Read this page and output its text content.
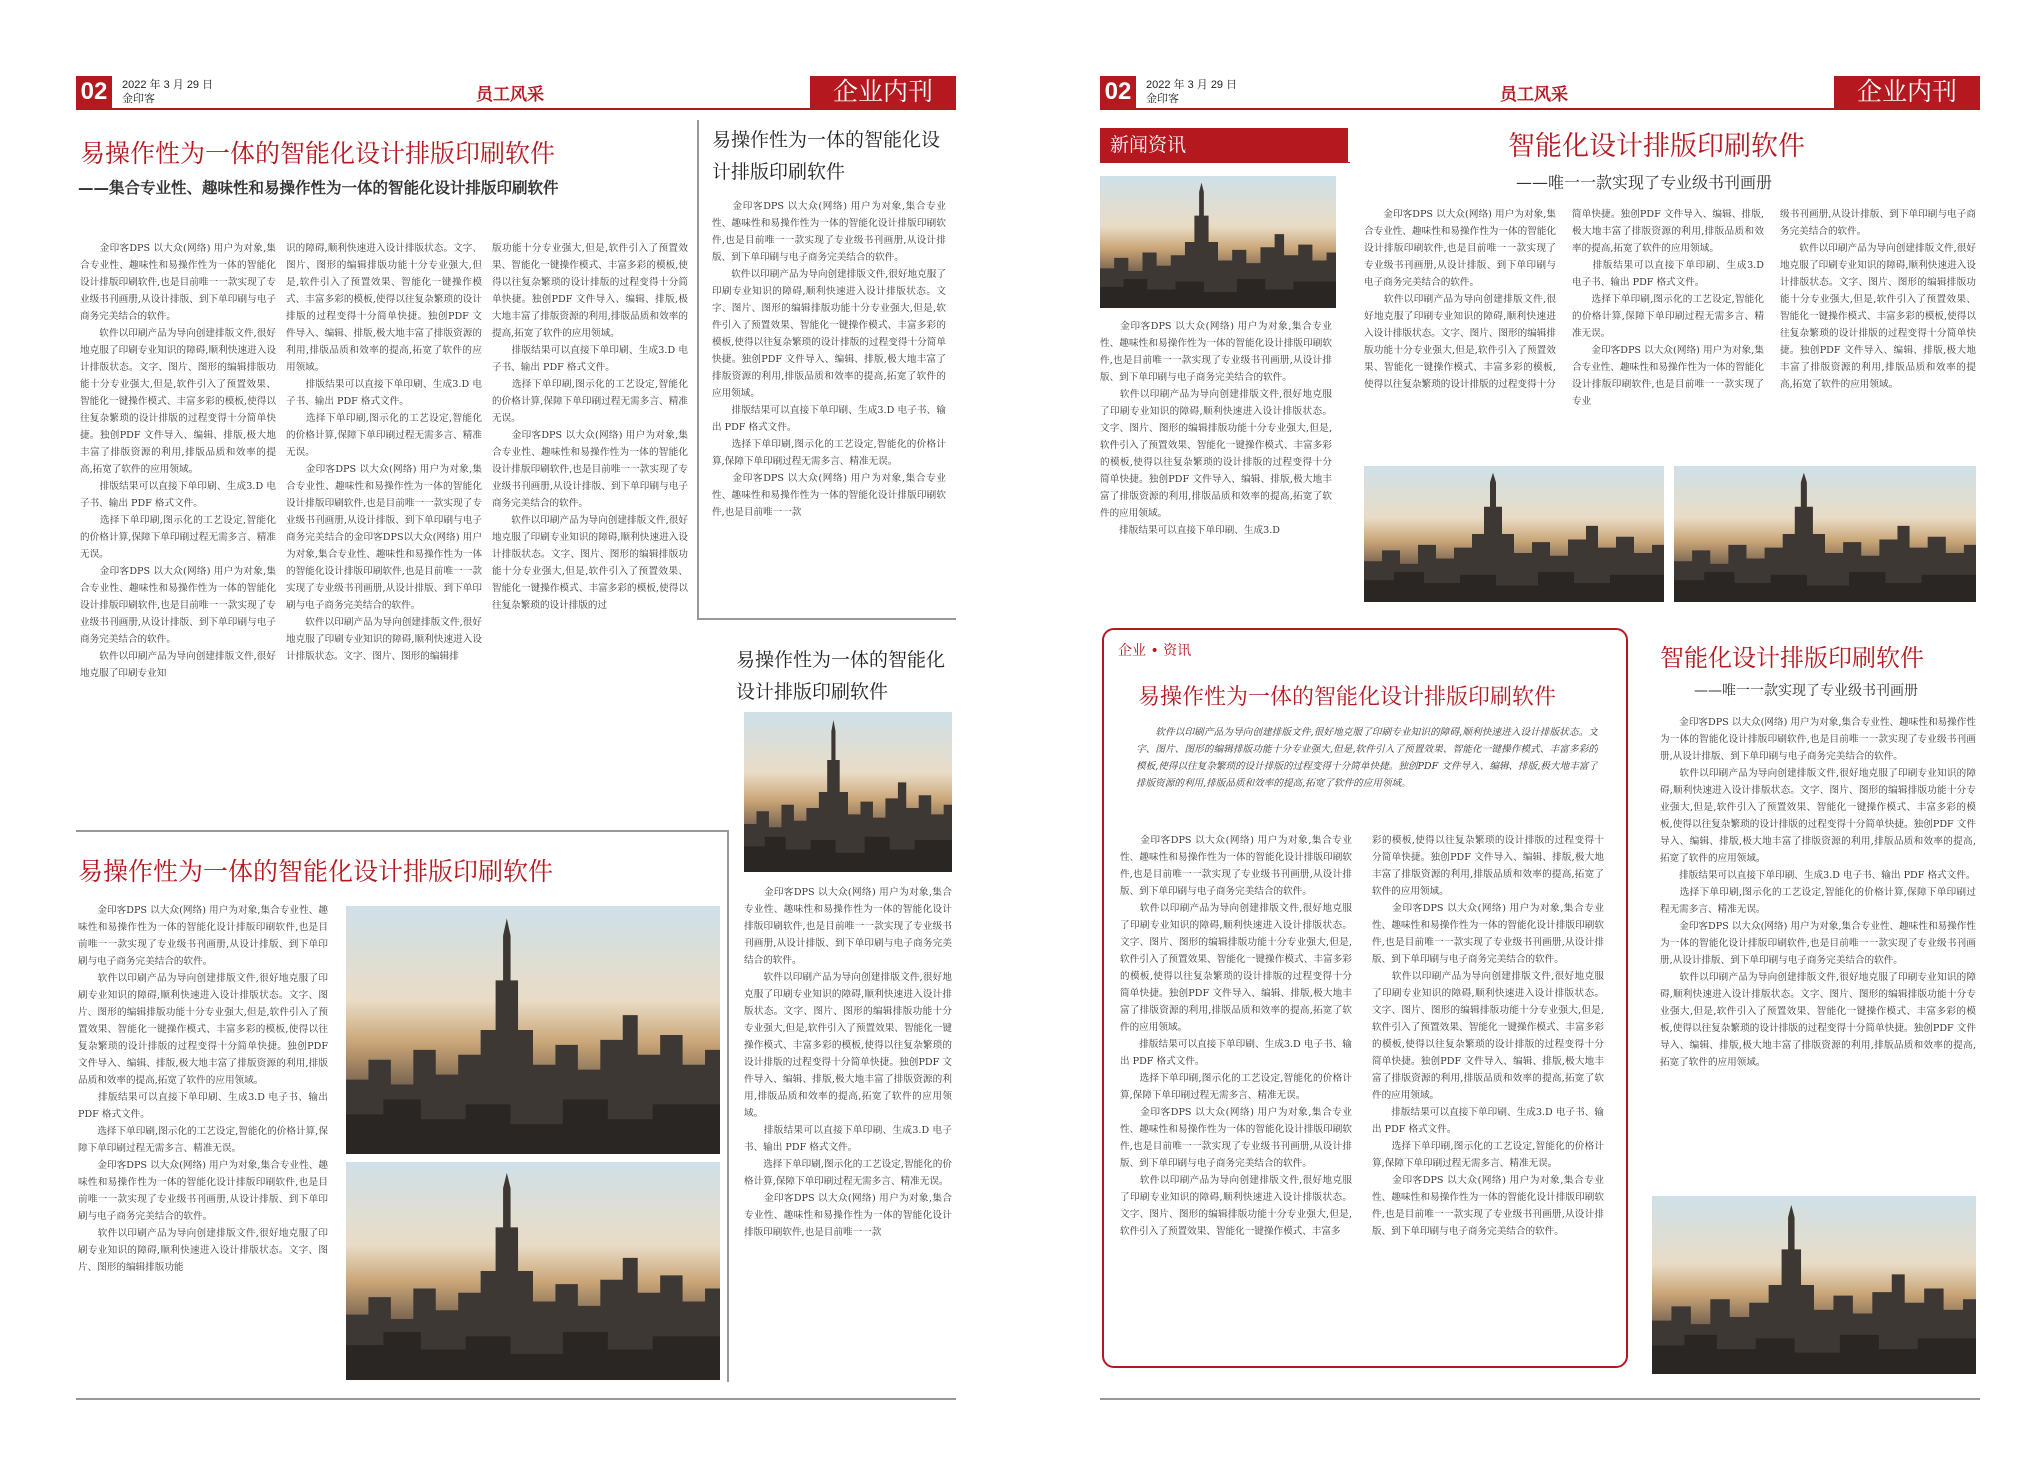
02	2022 年 3 月 29 日
金印客	员工风采	企业内刊
易操作性为一体的智能化设计排版印刷软件
——集合专业性、趣味性和易操作性为一体的智能化设计排版印刷软件
　　金印客DPS 以大众(网络) 用户为对象,集合专业性、趣味性和易操作性为一体的智能化设计排版印刷软件,也是目前唯一一款实现了专业级书刊画册,从设计排版、到下单印刷与电子商务完美结合的软件。
　　软件以印刷产品为导向创建排版文件,很好地克服了印刷专业知识的障碍,顺利快速进入设计排版状态。文字、图片、图形的编辑排版功能十分专业强大,但是,软件引入了预置效果、智能化一键操作模式、丰富多彩的模板,使得以往复杂繁琐的设计排版的过程变得十分简单快捷。独创PDF 文件导入、编辑、排版,极大地丰富了排版资源的利用,排版品质和效率的提高,拓宽了软件的应用领域。
　　排版结果可以直接下单印刷、生成3.D 电子书、输出 PDF 格式文件。
　　选择下单印刷,图示化的工艺设定,智能化的价格计算,保障下单印刷过程无需多言、精准无误。
　　金印客DPS 以大众(网络) 用户为对象,集合专业性、趣味性和易操作性为一体的智能化设计排版印刷软件,也是目前唯一一款实现了专业级书刊画册,从设计排版、到下单印刷与电子商务完美结合的软件。
　　软件以印刷产品为导向创建排版文件,很好地克服了印刷专业知
识的障碍,顺利快速进入设计排版状态。文字、图片、图形的编辑排版功能十分专业强大,但是,软件引入了预置效果、智能化一键操作模式、丰富多彩的模板,使得以往复杂繁琐的设计排版的过程变得十分简单快捷。独创PDF 文件导入、编辑、排版,极大地丰富了排版资源的利用,排版品质和效率的提高,拓宽了软件的应用领域。
　　排版结果可以直接下单印刷、生成3.D 电子书、输出 PDF 格式文件。
　　选择下单印刷,图示化的工艺设定,智能化的价格计算,保障下单印刷过程无需多言、精准无误。
　　金印客DPS 以大众(网络) 用户为对象,集合专业性、趣味性和易操作性为一体的智能化设计排版印刷软件,也是目前唯一一款实现了专业级书刊画册,从设计排版、到下单印刷与电子商务完美结合的金印客DPS以大众(网络) 用户为对象,集合专业性、趣味性和易操作性为一体的智能化设计排版印刷软件,也是目前唯一一款实现了专业级书刊画册,从设计排版、到下单印刷与电子商务完美结合的软件。
　　软件以印刷产品为导向创建排版文件,很好地克服了印刷专业知识的障碍,顺利快速进入设计排版状态。文字、图片、图形的编辑排
版功能十分专业强大,但是,软件引入了预置效果、智能化一键操作模式、丰富多彩的模板,使得以往复杂繁琐的设计排版的过程变得十分简单快捷。独创PDF 文件导入、编辑、排版,极大地丰富了排版资源的利用,排版品质和效率的提高,拓宽了软件的应用领域。
　　排版结果可以直接下单印刷、生成3.D 电子书、输出 PDF 格式文件。
　　选择下单印刷,图示化的工艺设定,智能化的价格计算,保障下单印刷过程无需多言、精准无误。
　　金印客DPS 以大众(网络) 用户为对象,集合专业性、趣味性和易操作性为一体的智能化设计排版印刷软件,也是目前唯一一款实现了专业级书刊画册,从设计排版、到下单印刷与电子商务完美结合的软件。
　　软件以印刷产品为导向创建排版文件,很好地克服了印刷专业知识的障碍,顺利快速进入设计排版状态。文字、图片、图形的编辑排版功能十分专业强大,但是,软件引入了预置效果、智能化一键操作模式、丰富多彩的模板,使得以往复杂繁琐的设计排版的过
易操作性为一体的智能化设计排版印刷软件
　　金印客DPS 以大众(网络) 用户为对象,集合专业性、趣味性和易操作性为一体的智能化设计排版印刷软件,也是目前唯一一款实现了专业级书刊画册,从设计排版、到下单印刷与电子商务完美结合的软件。
　　软件以印刷产品为导向创建排版文件,很好地克服了印刷专业知识的障碍,顺利快速进入设计排版状态。文字、图片、图形的编辑排版功能十分专业强大,但是,软件引入了预置效果、智能化一键操作模式、丰富多彩的模板,使得以往复杂繁琐的设计排版的过程变得十分简单快捷。独创PDF 文件导入、编辑、排版,极大地丰富了排版资源的利用,排版品质和效率的提高,拓宽了软件的应用领域。
　　排版结果可以直接下单印刷、生成3.D 电子书、输出 PDF 格式文件。
　　选择下单印刷,图示化的工艺设定,智能化的价格计算,保障下单印刷过程无需多言、精准无误。
　　金印客DPS 以大众(网络) 用户为对象,集合专业性、趣味性和易操作性为一体的智能化设计排版印刷软件,也是目前唯一一款
易操作性为一体的智能化设计排版印刷软件
　　金印客DPS 以大众(网络) 用户为对象,集合专业性、趣味性和易操作性为一体的智能化设计排版印刷软件,也是目前唯一一款实现了专业级书刊画册,从设计排版、到下单印刷与电子商务完美结合的软件。
　　软件以印刷产品为导向创建排版文件,很好地克服了印刷专业知识的障碍,顺利快速进入设计排版状态。文字、图片、图形的编辑排版功能十分专业强大,但是,软件引入了预置效果、智能化一键操作模式、丰富多彩的模板,使得以往复杂繁琐的设计排版的过程变得十分简单快捷。独创PDF 文件导入、编辑、排版,极大地丰富了排版资源的利用,排版品质和效率的提高,拓宽了软件的应用领域。
　　排版结果可以直接下单印刷、生成3.D 电子书、输出 PDF 格式文件。
　　选择下单印刷,图示化的工艺设定,智能化的价格计算,保障下单印刷过程无需多言、精准无误。
　　金印客DPS 以大众(网络) 用户为对象,集合专业性、趣味性和易操作性为一体的智能化设计排版印刷软件,也是目前唯一一款
易操作性为一体的智能化设计排版印刷软件
　　金印客DPS 以大众(网络) 用户为对象,集合专业性、趣味性和易操作性为一体的智能化设计排版印刷软件,也是目前唯一一款实现了专业级书刊画册,从设计排版、到下单印刷与电子商务完美结合的软件。
　　软件以印刷产品为导向创建排版文件,很好地克服了印刷专业知识的障碍,顺利快速进入设计排版状态。文字、图片、图形的编辑排版功能十分专业强大,但是,软件引入了预置效果、智能化一键操作模式、丰富多彩的模板,使得以往复杂繁琐的设计排版的过程变得十分简单快捷。独创PDF 文件导入、编辑、排版,极大地丰富了排版资源的利用,排版品质和效率的提高,拓宽了软件的应用领域。
　　排版结果可以直接下单印刷、生成3.D 电子书、输出 PDF 格式文件。
　　选择下单印刷,图示化的工艺设定,智能化的价格计算,保障下单印刷过程无需多言、精准无误。
　　金印客DPS 以大众(网络) 用户为对象,集合专业性、趣味性和易操作性为一体的智能化设计排版印刷软件,也是目前唯一一款实现了专业级书刊画册,从设计排版、到下单印刷与电子商务完美结合的软件。
　　软件以印刷产品为导向创建排版文件,很好地克服了印刷专业知识的障碍,顺利快速进入设计排版状态。文字、图片、图形的编辑排版功能
02	2022 年 3 月 29 日
金印客	员工风采	企业内刊
新闻资讯
　　金印客DPS 以大众(网络) 用户为对象,集合专业性、趣味性和易操作性为一体的智能化设计排版印刷软件,也是目前唯一一款实现了专业级书刊画册,从设计排版、到下单印刷与电子商务完美结合的软件。
　　软件以印刷产品为导向创建排版文件,很好地克服了印刷专业知识的障碍,顺利快速进入设计排版状态。文字、图片、图形的编辑排版功能十分专业强大,但是,软件引入了预置效果、智能化一键操作模式、丰富多彩的模板,使得以往复杂繁琐的设计排版的过程变得十分简单快捷。独创PDF 文件导入、编辑、排版,极大地丰富了排版资源的利用,排版品质和效率的提高,拓宽了软件的应用领域。
　　排版结果可以直接下单印刷、生成3.D
智能化设计排版印刷软件
——唯一一款实现了专业级书刊画册
　　金印客DPS 以大众(网络) 用户为对象,集合专业性、趣味性和易操作性为一体的智能化设计排版印刷软件,也是目前唯一一款实现了专业级书刊画册,从设计排版、到下单印刷与电子商务完美结合的软件。
　　软件以印刷产品为导向创建排版文件,很好地克服了印刷专业知识的障碍,顺利快速进入设计排版状态。文字、图片、图形的编辑排版功能十分专业强大,但是,软件引入了预置效果、智能化一键操作模式、丰富多彩的模板,使得以往复杂繁琐的设计排版的过程变得十分
简单快捷。独创PDF 文件导入、编辑、排版,极大地丰富了排版资源的利用,排版品质和效率的提高,拓宽了软件的应用领域。
　　排版结果可以直接下单印刷、生成3.D 电子书、输出 PDF 格式文件。
　　选择下单印刷,图示化的工艺设定,智能化的价格计算,保障下单印刷过程无需多言、精准无误。
　　金印客DPS 以大众(网络) 用户为对象,集合专业性、趣味性和易操作性为一体的智能化设计排版印刷软件,也是目前唯一一款实现了专业
级书刊画册,从设计排版、到下单印刷与电子商务完美结合的软件。
　　软件以印刷产品为导向创建排版文件,很好地克服了印刷专业知识的障碍,顺利快速进入设计排版状态。文字、图片、图形的编辑排版功能十分专业强大,但是,软件引入了预置效果、智能化一键操作模式、丰富多彩的模板,使得以往复杂繁琐的设计排版的过程变得十分简单快捷。独创PDF 文件导入、编辑、排版,极大地丰富了排版资源的利用,排版品质和效率的提高,拓宽了软件的应用领域。
企业 • 资讯
易操作性为一体的智能化设计排版印刷软件
　　软件以印刷产品为导向创建排版文件,很好地克服了印刷专业知识的障碍,顺利快速进入设计排版状态。文字、图片、图形的编辑排版功能十分专业强大,但是,软件引入了预置效果、智能化一键操作模式、丰富多彩的模板,使得以往复杂繁琐的设计排版的过程变得十分简单快捷。独创PDF 文件导入、编辑、排版,极大地丰富了排版资源的利用,排版品质和效率的提高,拓宽了软件的应用领域。
　　金印客DPS 以大众(网络) 用户为对象,集合专业性、趣味性和易操作性为一体的智能化设计排版印刷软件,也是目前唯一一款实现了专业级书刊画册,从设计排版、到下单印刷与电子商务完美结合的软件。
　　软件以印刷产品为导向创建排版文件,很好地克服了印刷专业知识的障碍,顺利快速进入设计排版状态。文字、图片、图形的编辑排版功能十分专业强大,但是,软件引入了预置效果、智能化一键操作模式、丰富多彩的模板,使得以往复杂繁琐的设计排版的过程变得十分简单快捷。独创PDF 文件导入、编辑、排版,极大地丰富了排版资源的利用,排版品质和效率的提高,拓宽了软件的应用领域。
　　排版结果可以直接下单印刷、生成3.D 电子书、输出 PDF 格式文件。
　　选择下单印刷,图示化的工艺设定,智能化的价格计算,保障下单印刷过程无需多言、精准无误。
　　金印客DPS 以大众(网络) 用户为对象,集合专业性、趣味性和易操作性为一体的智能化设计排版印刷软件,也是目前唯一一款实现了专业级书刊画册,从设计排版、到下单印刷与电子商务完美结合的软件。
　　软件以印刷产品为导向创建排版文件,很好地克服了印刷专业知识的障碍,顺利快速进入设计排版状态。文字、图片、图形的编辑排版功能十分专业强大,但是,软件引入了预置效果、智能化一键操作模式、丰富多
彩的模板,使得以往复杂繁琐的设计排版的过程变得十分简单快捷。独创PDF 文件导入、编辑、排版,极大地丰富了排版资源的利用,排版品质和效率的提高,拓宽了软件的应用领域。
　　金印客DPS 以大众(网络) 用户为对象,集合专业性、趣味性和易操作性为一体的智能化设计排版印刷软件,也是目前唯一一款实现了专业级书刊画册,从设计排版、到下单印刷与电子商务完美结合的软件。
　　软件以印刷产品为导向创建排版文件,很好地克服了印刷专业知识的障碍,顺利快速进入设计排版状态。文字、图片、图形的编辑排版功能十分专业强大,但是,软件引入了预置效果、智能化一键操作模式、丰富多彩的模板,使得以往复杂繁琐的设计排版的过程变得十分简单快捷。独创PDF 文件导入、编辑、排版,极大地丰富了排版资源的利用,排版品质和效率的提高,拓宽了软件的应用领域。
　　排版结果可以直接下单印刷、生成3.D 电子书、输出 PDF 格式文件。
　　选择下单印刷,图示化的工艺设定,智能化的价格计算,保障下单印刷过程无需多言、精准无误。
　　金印客DPS 以大众(网络) 用户为对象,集合专业性、趣味性和易操作性为一体的智能化设计排版印刷软件,也是目前唯一一款实现了专业级书刊画册,从设计排版、到下单印刷与电子商务完美结合的软件。
智能化设计排版印刷软件
——唯一一款实现了专业级书刊画册
　　金印客DPS 以大众(网络) 用户为对象,集合专业性、趣味性和易操作性为一体的智能化设计排版印刷软件,也是目前唯一一款实现了专业级书刊画册,从设计排版、到下单印刷与电子商务完美结合的软件。
　　软件以印刷产品为导向创建排版文件,很好地克服了印刷专业知识的障碍,顺利快速进入设计排版状态。文字、图片、图形的编辑排版功能十分专业强大,但是,软件引入了预置效果、智能化一键操作模式、丰富多彩的模板,使得以往复杂繁琐的设计排版的过程变得十分简单快捷。独创PDF 文件导入、编辑、排版,极大地丰富了排版资源的利用,排版品质和效率的提高,拓宽了软件的应用领域。
　　排版结果可以直接下单印刷、生成3.D 电子书、输出 PDF 格式文件。
　　选择下单印刷,图示化的工艺设定,智能化的价格计算,保障下单印刷过程无需多言、精准无误。
　　金印客DPS 以大众(网络) 用户为对象,集合专业性、趣味性和易操作性为一体的智能化设计排版印刷软件,也是目前唯一一款实现了专业级书刊画册,从设计排版、到下单印刷与电子商务完美结合的软件。
　　软件以印刷产品为导向创建排版文件,很好地克服了印刷专业知识的障碍,顺利快速进入设计排版状态。文字、图片、图形的编辑排版功能十分专业强大,但是,软件引入了预置效果、智能化一键操作模式、丰富多彩的模板,使得以往复杂繁琐的设计排版的过程变得十分简单快捷。独创PDF 文件导入、编辑、排版,极大地丰富了排版资源的利用,排版品质和效率的提高,拓宽了软件的应用领域。
